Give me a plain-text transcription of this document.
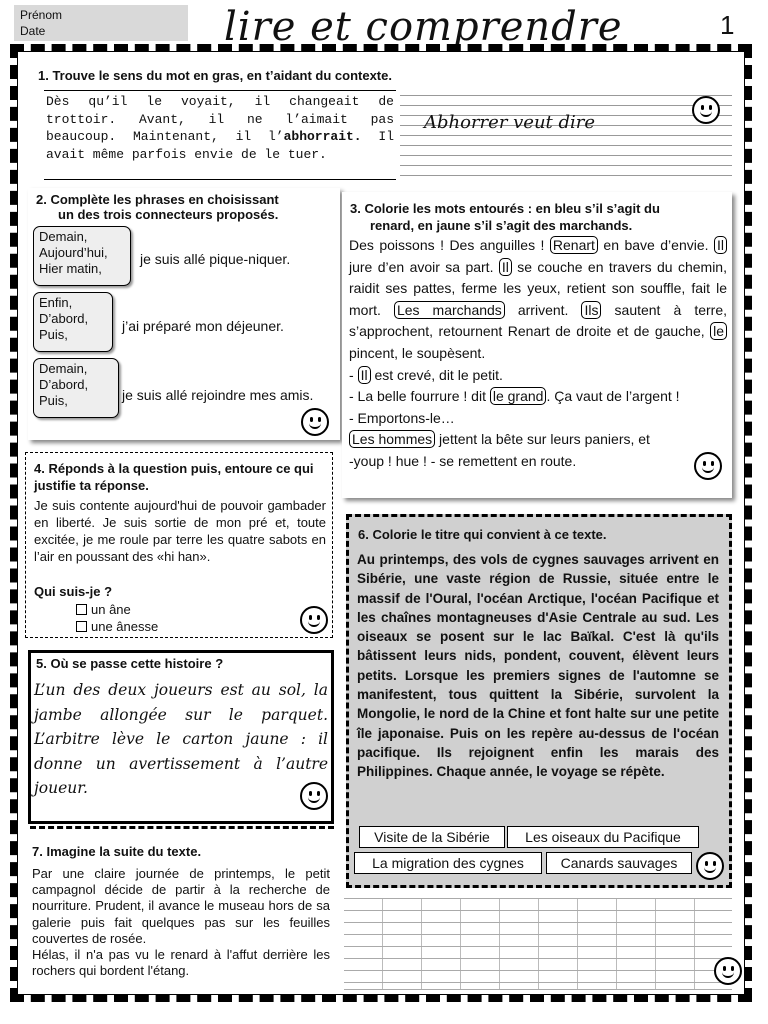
Prénom
Date	lire et comprendre	1
1. Trouve le sens du mot en gras, en t’aidant du contexte.
Dès qu’il le voyait, il changeait de trottoir. Avant, il ne l’aimait pas beaucoup. Maintenant, il l’abhorrait. Il avait même parfois envie de le tuer.
Abhorrer veut dire
2. Complète les phrases en choisissant
un des trois connecteurs proposés.
Demain,
Aujourd’hui,
Hier matin,
je suis allé pique-niquer.
Enfin,
D’abord,
Puis,
j’ai préparé mon déjeuner.
Demain,
D’abord,
Puis,	je suis allé rejoindre mes amis.
3. Colorie les mots entourés : en bleu s’il s’agit du
renard, en jaune s’il s’agit des marchands.
Des poissons ! Des anguilles ! Renart en bave d’envie. Il jure d’en avoir sa part. Il se couche en travers du chemin, raidit ses pattes, ferme les yeux, retient son souffle, fait le mort. Les marchands arrivent. Ils sautent à terre, s’approchent, retournent Renart de droite et de gauche, le pincent, le soupèsent.
- Il est crevé, dit le petit.
- La belle fourrure ! dit le grand . Ça vaut de l’argent !
- Emportons-le…
Les hommes jettent la bête sur leurs paniers, et
-youp ! hue ! - se remettent en route.
4. Réponds à la question puis, entoure ce qui justifie ta réponse.
Je suis contente aujourd'hui de pouvoir gambader en liberté. Je suis sortie de mon pré et, toute excitée, je me roule par terre les quatre sabots en l’air en poussant des «hi han».
Qui suis-je ?
un âne
une ânesse
5. Où se passe cette histoire ?
L’un des deux joueurs est au sol, la jambe allongée sur le parquet. L’arbitre lève le carton jaune : il donne un avertissement à l’autre joueur.
6. Colorie le titre qui convient à ce texte.
Au printemps, des vols de cygnes sauvages arrivent en Sibérie, une vaste région de Russie, située entre le massif de l'Oural, l'océan Arctique, l'océan Pacifique et les chaînes montagneuses d'Asie Centrale au sud. Les oiseaux se posent sur le lac Baïkal. C'est là qu'ils bâtissent leurs nids, pondent, couvent, élèvent leurs petits. Lorsque les premiers signes de l'automne se manifestent, tous quittent la Sibérie, survolent la Mongolie, le nord de la Chine et font halte sur une petite île japonaise. Puis on les repère au-dessus de l'océan pacifique. Ils rejoignent enfin les marais des Philippines. Chaque année, le voyage se répète.
Visite de la Sibérie	Les oiseaux du Pacifique
La migration des cygnes	Canards sauvages
7. Imagine la suite du texte.
Par une claire journée de printemps, le petit campagnol décide de partir à la recherche de nourriture. Prudent, il avance le museau hors de sa galerie puis fait quelques pas sur les feuilles couvertes de rosée.
Hélas, il n'a pas vu le renard à l'affut derrière les rochers qui bordent l'étang.
